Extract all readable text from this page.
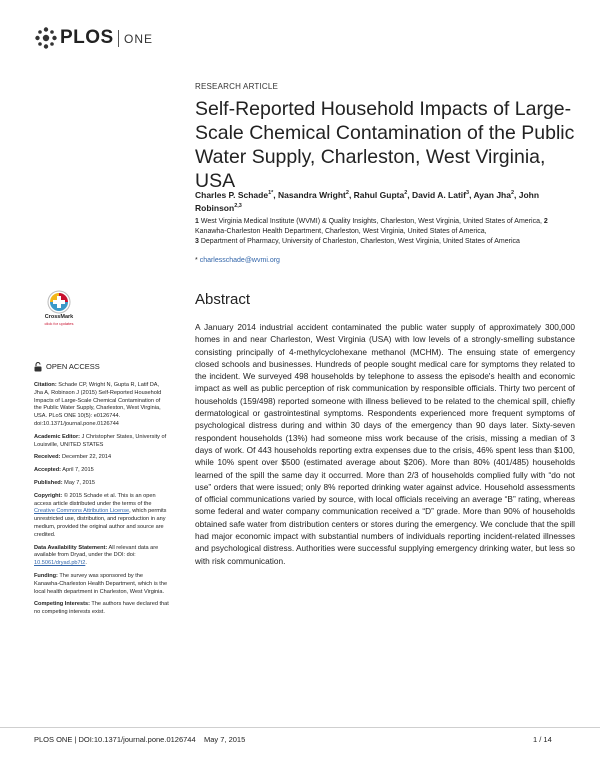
PLOS ONE
RESEARCH ARTICLE
Self-Reported Household Impacts of Large-Scale Chemical Contamination of the Public Water Supply, Charleston, West Virginia, USA
Charles P. Schade$^{1*}$, Nasandra Wright$^2$, Rahul Gupta$^2$, David A. Latif$^3$, Ayan Jha$^2$, John Robinson$^{2,3}$

1 West Virginia Medical Institute (WVMI) & Quality Insights, Charleston, West Virginia, United States of America, 2 Kanawha-Charleston Health Department, Charleston, West Virginia, United States of America,

3 Department of Pharmacy, University of Charleston, Charleston, West Virginia, United States of America

* charlesschade@wvmi.org
Abstract
A January 2014 industrial accident contaminated the public water supply of approximately 300,000 homes in and near Charleston, West Virginia (USA) with low levels of a strongly-smelling substance consisting principally of 4-methylcyclohexane methanol (MCHM). The ensuing state of emergency closed schools and businesses. Hundreds of people sought medical care for symptoms they related to the incident. We surveyed 498 households by telephone to assess the episode's health and economic impact as well as public perception of risk communication by responsible officials. Thirty two percent of households (159/498) reported someone with illness believed to be related to the chemical spill, chiefly dermatological or gastrointestinal symptoms. Respondents experienced more frequent symptoms of psychological distress during and within 30 days of the emergency than 90 days later. Sixty-seven respondent households (13%) had someone miss work because of the crisis, missing a median of 3 days of work. Of 443 households reporting extra expenses due to the crisis, 46% spent less than $100, while 10% spent over $500 (estimated average about $206). More than 80% (401/485) households learned of the spill the same day it occurred. More than 2/3 of households complied fully with “do not use” orders that were issued; only 8% reported drinking water against advice. Household assessments of official communications varied by source, with local officials receiving an average “B” rating, whereas some federal and water company communication received a “D” grade. More than 90% of households obtained safe water from distribution centers or stores during the emergency. We conclude that the spill had major economic impact with substantial numbers of individuals reporting incident-related illnesses and psychological distress. Authorities were successful supplying emergency drinking water, but less so with risk communication.
CrossMark
click for updates
OPEN ACCESS

Citation: Schade CP, Wright N, Gupta R, Latif DA, Jha A, Robinson J (2015) Self-Reported Household Impacts of Large-Scale Chemical Contamination of the Public Water Supply, Charleston, West Virginia, USA. PLoS ONE 10(5): e0126744. doi:10.1371/journal.pone.0126744

Academic Editor: J Christopher States, University of Louisville, UNITED STATES

Received: December 22, 2014

Accepted: April 7, 2015

Published: May 7, 2015

Copyright: © 2015 Schade et al. This is an open access article distributed under the terms of the Creative Commons Attribution License, which permits unrestricted use, distribution, and reproduction in any medium, provided the original author and source are credited.

Data Availability Statement: All relevant data are available from Dryad, under the DOI: doi: 10.5061/dryad.pb7t2.

Funding: The survey was sponsored by the Kanawha-Charleston Health Department, which is the local health department in Charleston, West Virginia.

Competing Interests: The authors have declared that no competing interests exist.

PLOS ONE | DOI:10.1371/journal.pone.0126744    May 7, 2015	1 / 14
